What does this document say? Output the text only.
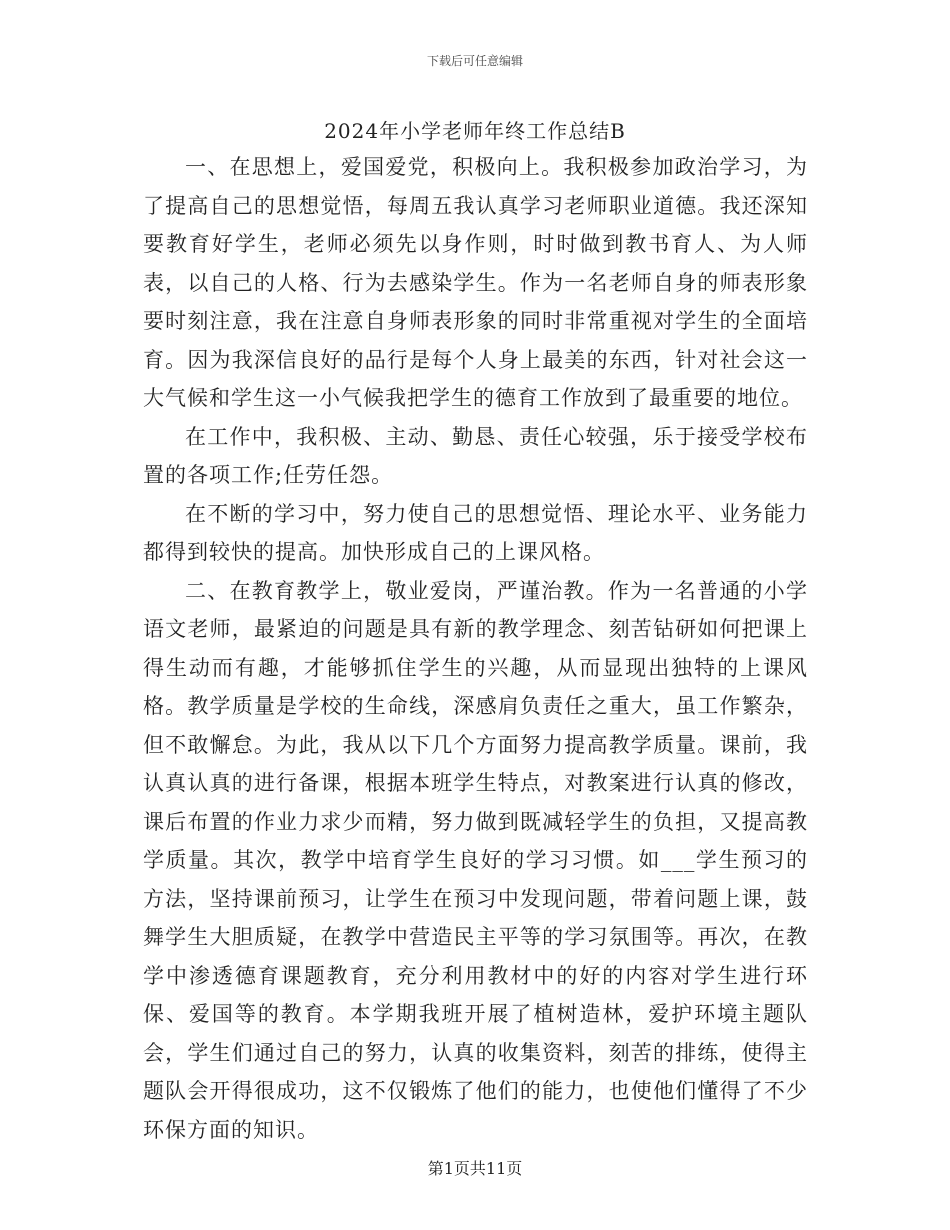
下载后可任意编辑
2024年小学老师年终工作总结B

一、在思想上，爱国爱党，积极向上。我积极参加政治学习，为了提高自己的思想觉悟，每周五我认真学习老师职业道德。我还深知要教育好学生，老师必须先以身作则，时时做到教书育人、为人师表，以自己的人格、行为去感染学生。作为一名老师自身的师表形象要时刻注意，我在注意自身师表形象的同时非常重视对学生的全面培育。因为我深信良好的品行是每个人身上最美的东西，针对社会这一大气候和学生这一小气候我把学生的德育工作放到了最重要的地位。

在工作中，我积极、主动、勤恳、责任心较强，乐于接受学校布置的各项工作;任劳任怨。

在不断的学习中，努力使自己的思想觉悟、理论水平、业务能力都得到较快的提高。加快形成自己的上课风格。

二、在教育教学上，敬业爱岗，严谨治教。作为一名普通的小学语文老师，最紧迫的问题是具有新的教学理念、刻苦钻研如何把课上得生动而有趣，才能够抓住学生的兴趣，从而显现出独特的上课风格。教学质量是学校的生命线，深感肩负责任之重大，虽工作繁杂，但不敢懈怠。为此，我从以下几个方面努力提高教学质量。课前，我认真认真的进行备课，根据本班学生特点，对教案进行认真的修改，课后布置的作业力求少而精，努力做到既减轻学生的负担，又提高教学质量。其次，教学中培育学生良好的学习习惯。如___学生预习的方法，坚持课前预习，让学生在预习中发现问题，带着问题上课，鼓舞学生大胆质疑，在教学中营造民主平等的学习氛围等。再次，在教学中渗透德育课题教育，充分利用教材中的好的内容对学生进行环保、爱国等的教育。本学期我班开展了植树造林，爱护环境主题队会，学生们通过自己的努力，认真的收集资料，刻苦的排练，使得主题队会开得很成功，这不仅锻炼了他们的能力，也使他们懂得了不少环保方面的知识。

第1页共11页
